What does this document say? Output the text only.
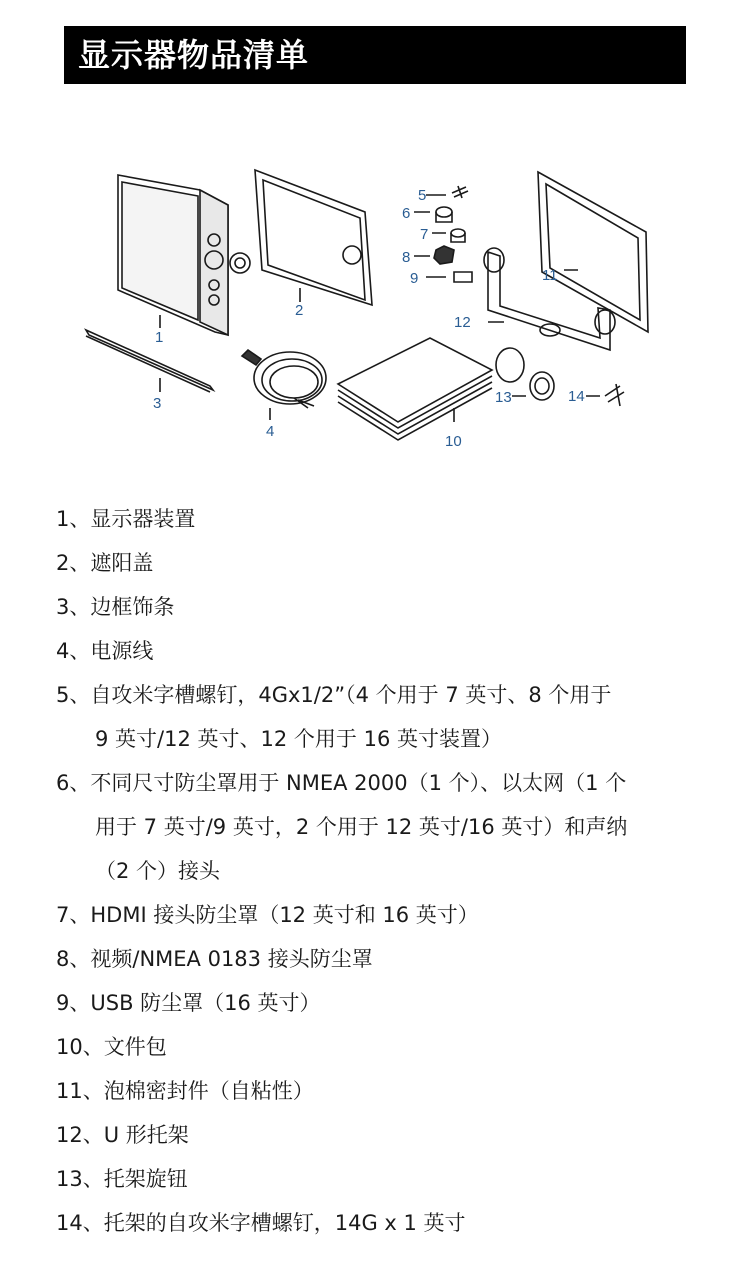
显示器物品清单
1
2
3
4
5
6
7
8
9
10
11
12
13	14
1、显示器装置
2、遮阳盖
3、边框饰条
4、电源线
5、自攻米字槽螺钉，4Gx1/2”（4 个用于 7 英寸、8 个用于
9 英寸/12 英寸、12 个用于 16 英寸装置）
6、不同尺寸防尘罩用于 NMEA 2000（1 个）、以太网（1 个
用于 7 英寸/9 英寸，2 个用于 12 英寸/16 英寸）和声纳
（2 个）接头
7、HDMI 接头防尘罩（12 英寸和 16 英寸）
8、视频/NMEA 0183 接头防尘罩
9、USB 防尘罩（16 英寸）
10、文件包
11、泡棉密封件（自粘性）
12、U 形托架
13、托架旋钮
14、托架的自攻米字槽螺钉，14G x 1 英寸
